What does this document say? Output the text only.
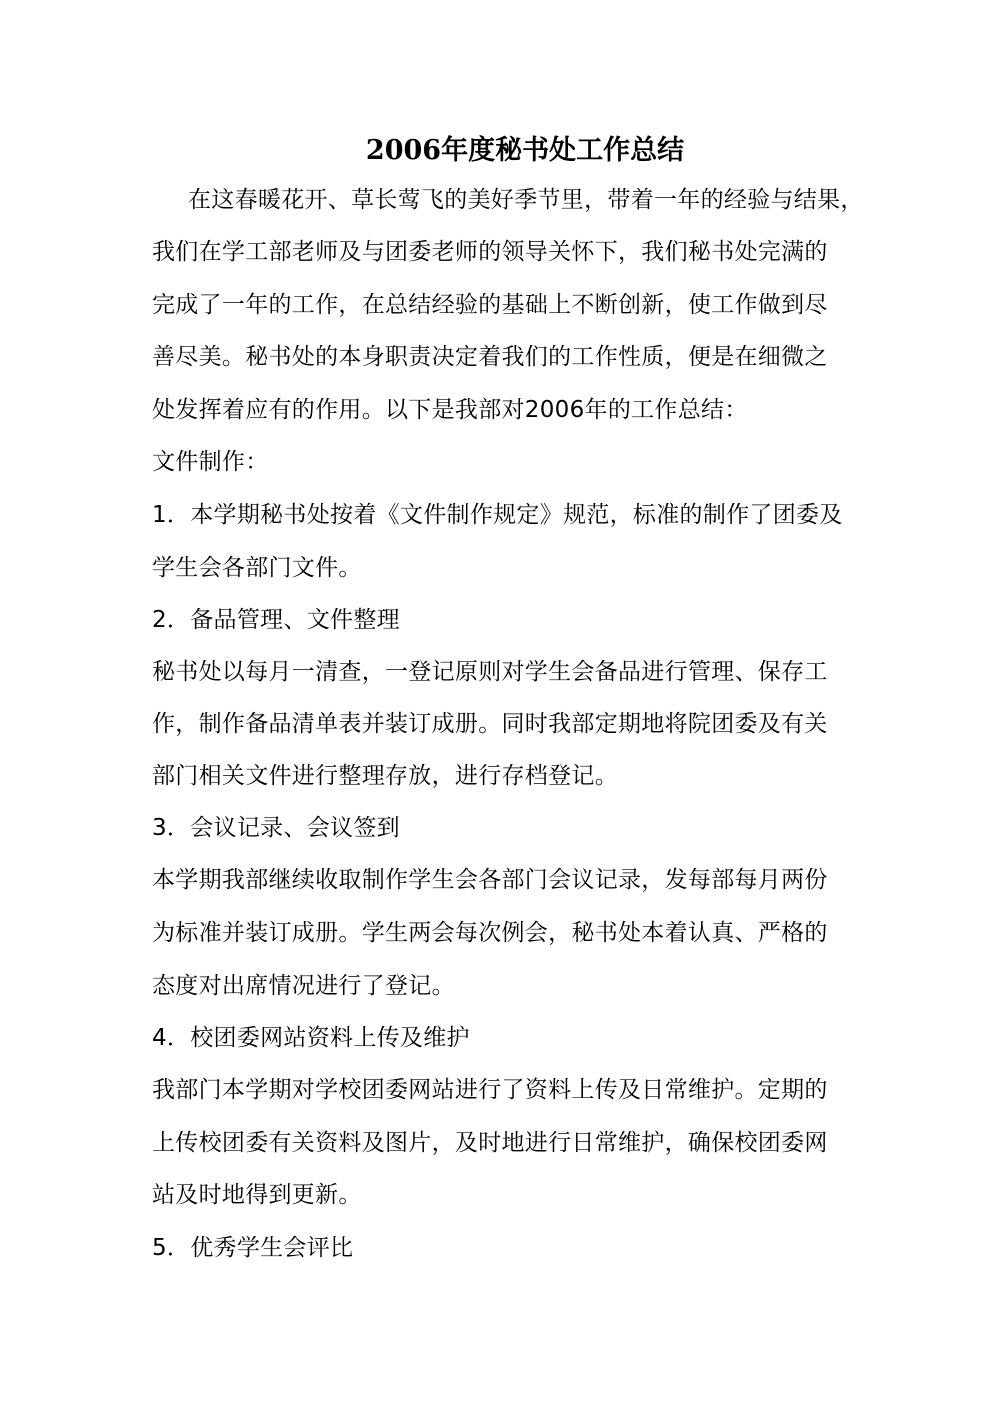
2006年度秘书处工作总结
在这春暖花开、草长莺飞的美好季节里，带着一年的经验与结果，
我们在学工部老师及与团委老师的领导关怀下，我们秘书处完满的
完成了一年的工作，在总结经验的基础上不断创新，使工作做到尽
善尽美。秘书处的本身职责决定着我们的工作性质，便是在细微之
处发挥着应有的作用。以下是我部对2006年的工作总结：
文件制作：
1．本学期秘书处按着《文件制作规定》规范，标准的制作了团委及
学生会各部门文件。
2．备品管理、文件整理
秘书处以每月一清查，一登记原则对学生会备品进行管理、保存工
作，制作备品清单表并装订成册。同时我部定期地将院团委及有关
部门相关文件进行整理存放，进行存档登记。
3．会议记录、会议签到
本学期我部继续收取制作学生会各部门会议记录，发每部每月两份
为标准并装订成册。学生两会每次例会，秘书处本着认真、严格的
态度对出席情况进行了登记。
4．校团委网站资料上传及维护
我部门本学期对学校团委网站进行了资料上传及日常维护。定期的
上传校团委有关资料及图片，及时地进行日常维护，确保校团委网
站及时地得到更新。
5．优秀学生会评比
